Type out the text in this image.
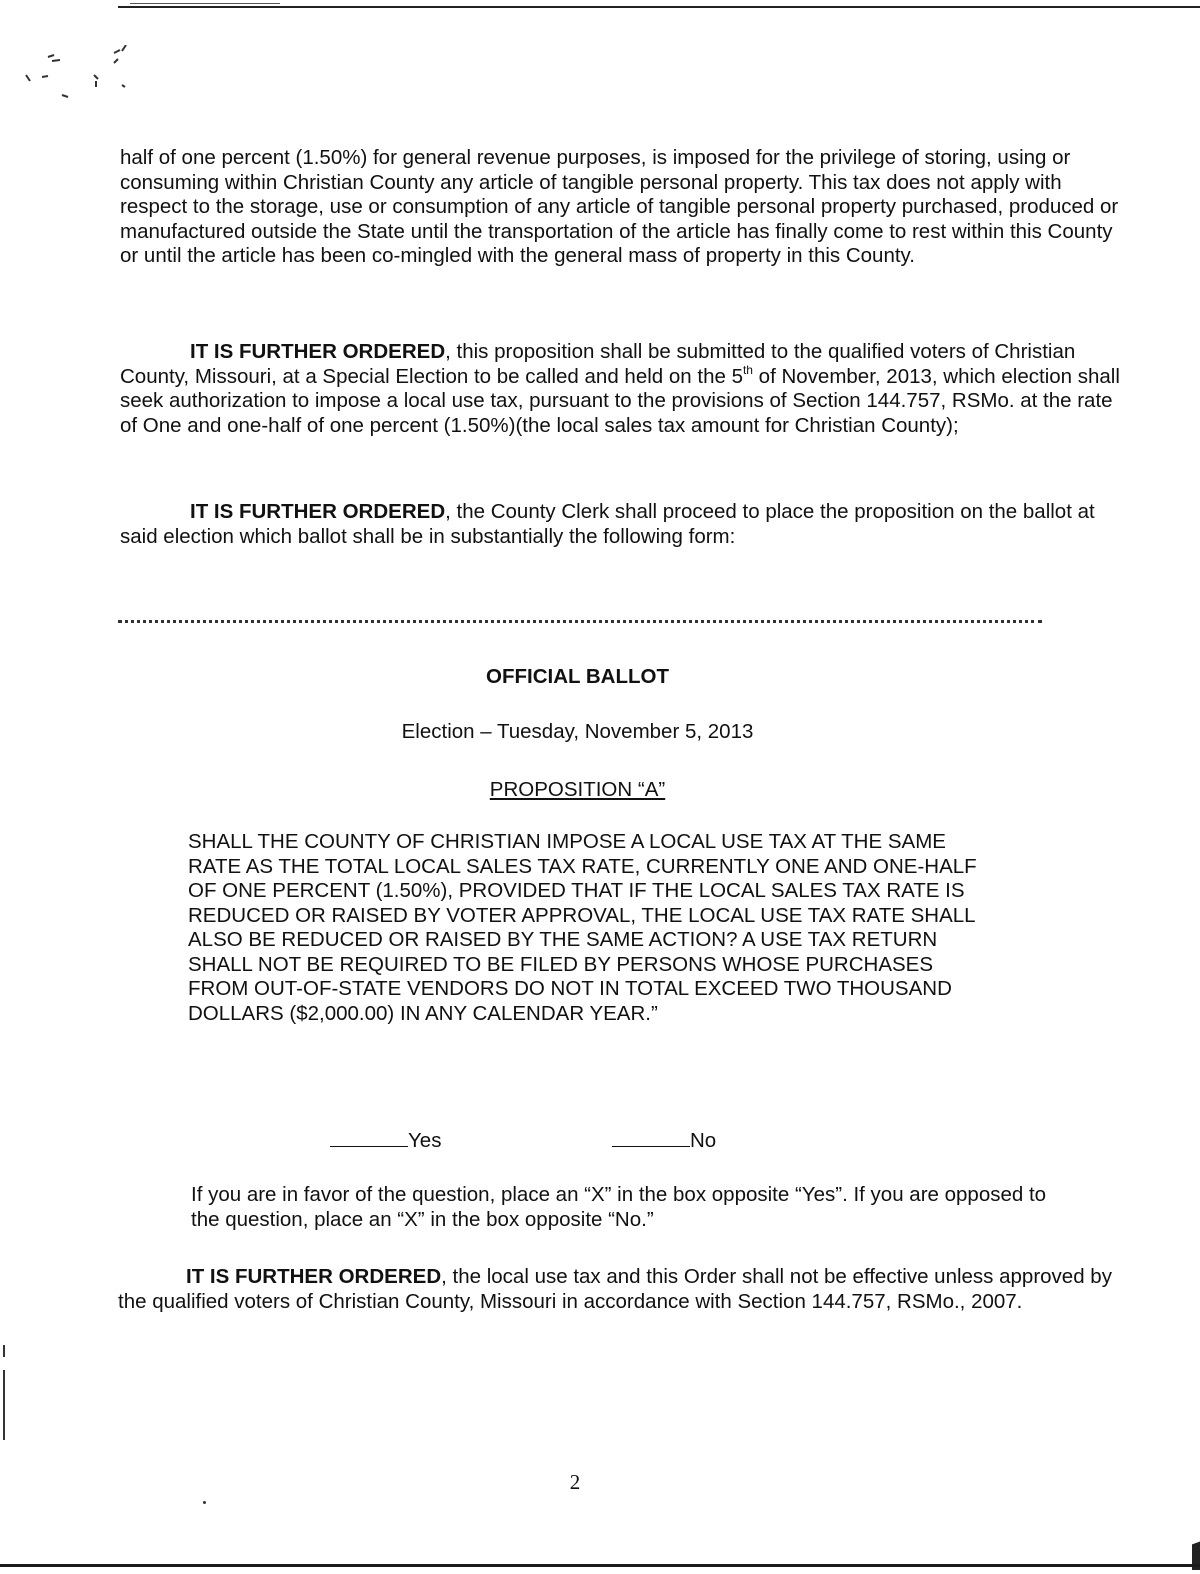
half of one percent (1.50%) for general revenue purposes, is imposed for the privilege of storing, using or consuming within Christian County any article of tangible personal property. This tax does not apply with respect to the storage, use or consumption of any article of tangible personal property purchased, produced or manufactured outside the State until the transportation of the article has finally come to rest within this County or until the article has been co-mingled with the general mass of property in this County.

IT IS FURTHER ORDERED, this proposition shall be submitted to the qualified voters of Christian County, Missouri, at a Special Election to be called and held on the 5th of November, 2013, which election shall seek authorization to impose a local use tax, pursuant to the provisions of Section 144.757, RSMo. at the rate of One and one-half of one percent (1.50%)(the local sales tax amount for Christian County);

IT IS FURTHER ORDERED, the County Clerk shall proceed to place the proposition on the ballot at said election which ballot shall be in substantially the following form:

OFFICIAL BALLOT

Election – Tuesday, November 5, 2013

PROPOSITION “A”

SHALL THE COUNTY OF CHRISTIAN IMPOSE A LOCAL USE TAX AT THE SAME RATE AS THE TOTAL LOCAL SALES TAX RATE, CURRENTLY ONE AND ONE-HALF OF ONE PERCENT (1.50%), PROVIDED THAT IF THE LOCAL SALES TAX RATE IS REDUCED OR RAISED BY VOTER APPROVAL, THE LOCAL USE TAX RATE SHALL ALSO BE REDUCED OR RAISED BY THE SAME ACTION? A USE TAX RETURN SHALL NOT BE REQUIRED TO BE FILED BY PERSONS WHOSE PURCHASES FROM OUT-OF-STATE VENDORS DO NOT IN TOTAL EXCEED TWO THOUSAND DOLLARS ($2,000.00) IN ANY CALENDAR YEAR.”

Yes	No

If you are in favor of the question, place an “X” in the box opposite “Yes”. If you are opposed to the question, place an “X” in the box opposite “No.”

IT IS FURTHER ORDERED, the local use tax and this Order shall not be effective unless approved by the qualified voters of Christian County, Missouri in accordance with Section 144.757, RSMo., 2007.

2
